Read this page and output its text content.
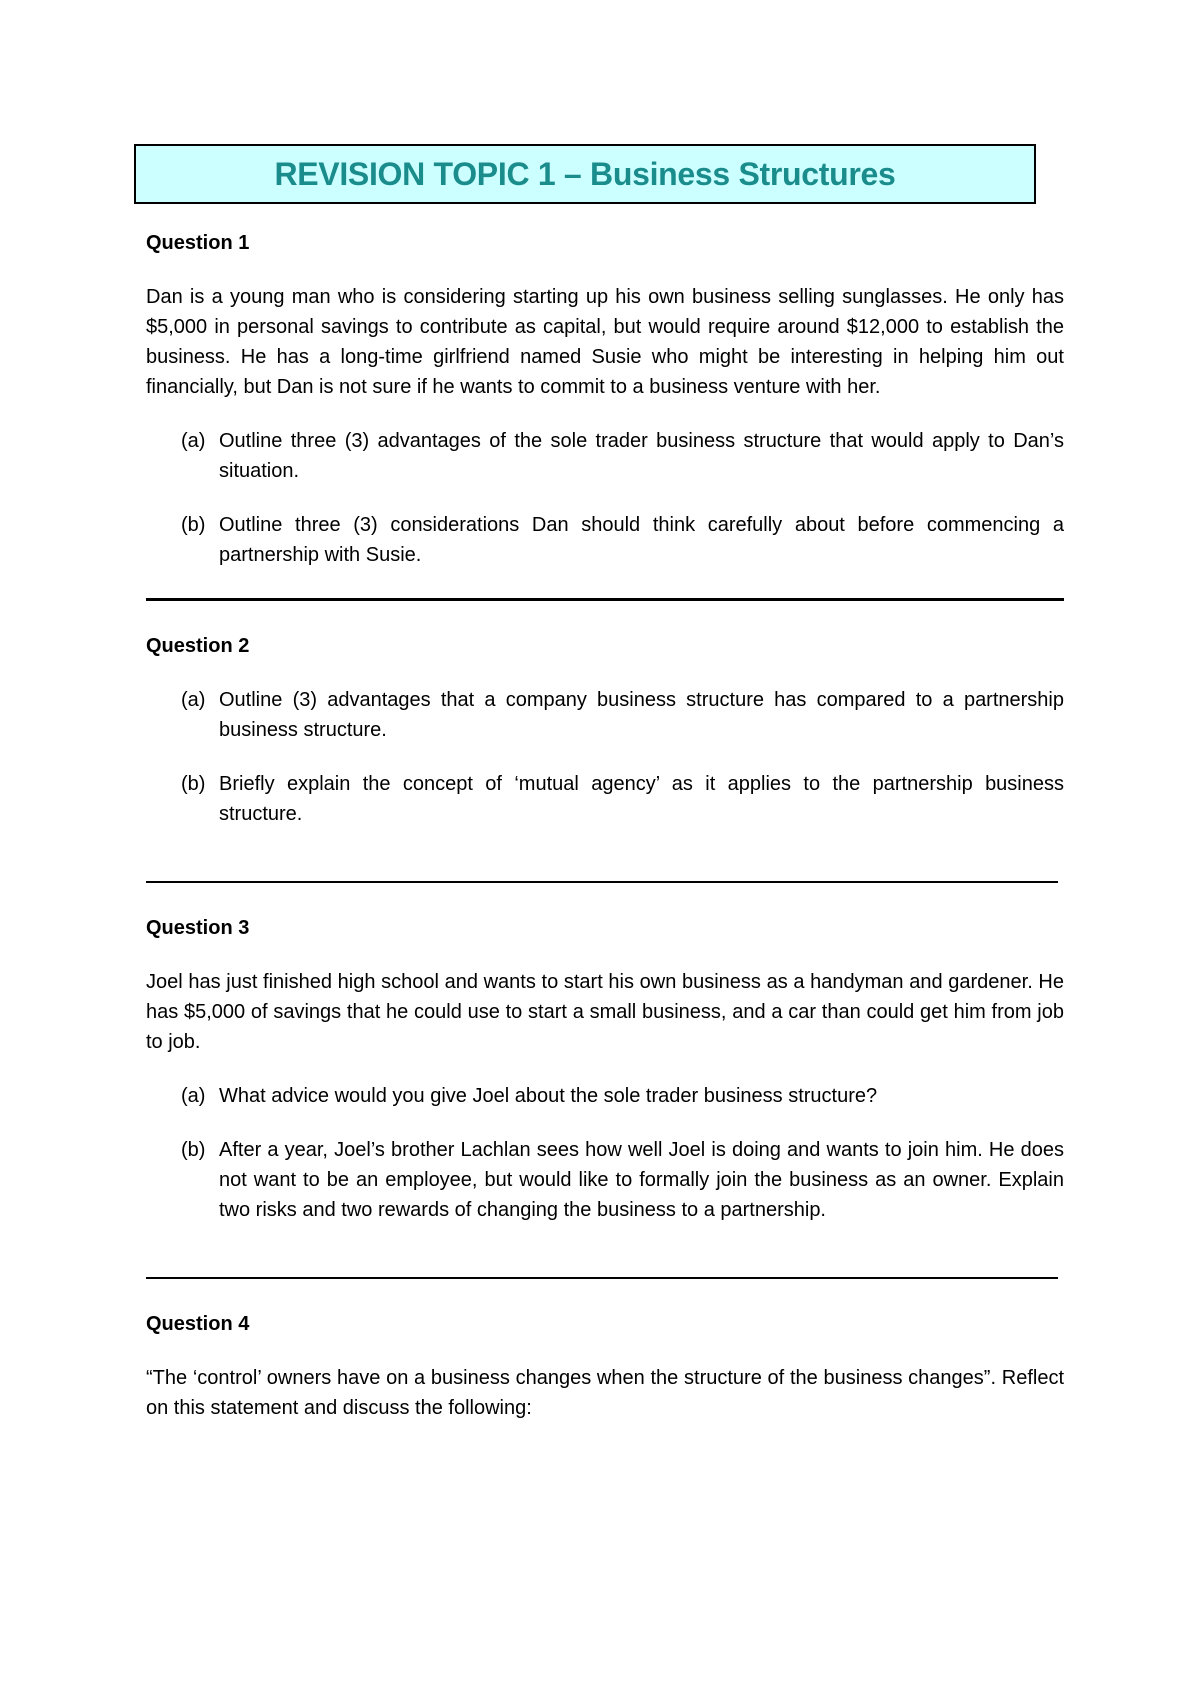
REVISION TOPIC 1 – Business Structures

Question 1

Dan is a young man who is considering starting up his own business selling sunglasses. He only has $5,000 in personal savings to contribute as capital, but would require around $12,000 to establish the business. He has a long-time girlfriend named Susie who might be interesting in helping him out financially, but Dan is not sure if he wants to commit to a business venture with her.

(a) Outline three (3) advantages of the sole trader business structure that would apply to Dan’s situation.
(b) Outline three (3) considerations Dan should think carefully about before commencing a partnership with Susie.

Question 2

(a) Outline (3) advantages that a company business structure has compared to a partnership business structure.
(b) Briefly explain the concept of ‘mutual agency’ as it applies to the partnership business structure.

Question 3

Joel has just finished high school and wants to start his own business as a handyman and gardener. He has $5,000 of savings that he could use to start a small business, and a car than could get him from job to job.

(a) What advice would you give Joel about the sole trader business structure?
(b) After a year, Joel’s brother Lachlan sees how well Joel is doing and wants to join him. He does not want to be an employee, but would like to formally join the business as an owner. Explain two risks and two rewards of changing the business to a partnership.

Question 4

“The ‘control’ owners have on a business changes when the structure of the business changes”. Reflect on this statement and discuss the following:
